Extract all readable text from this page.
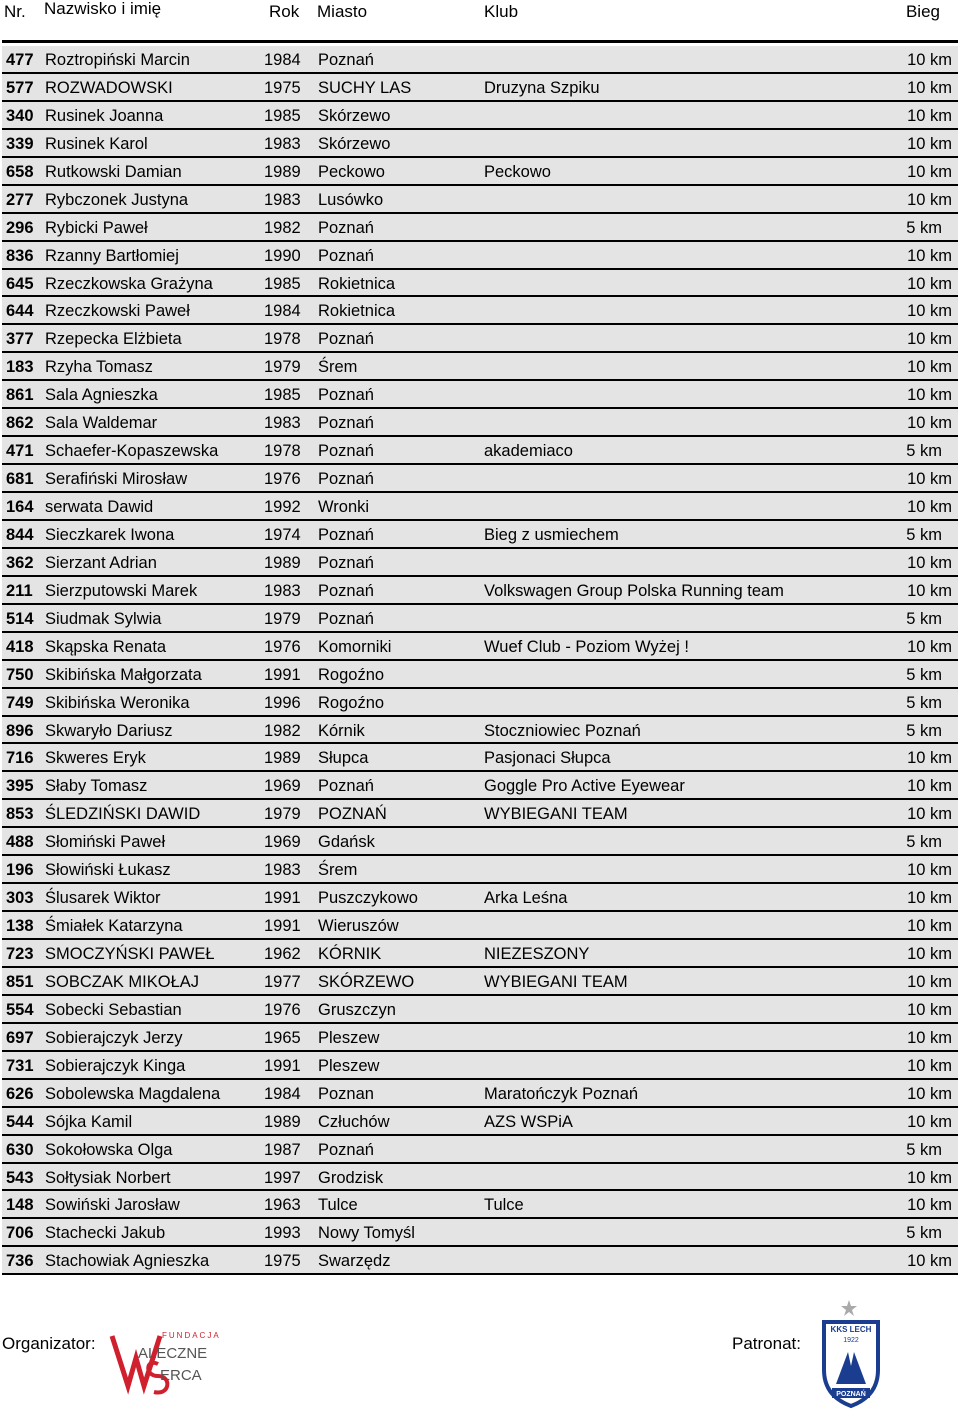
Nr. Nazwisko i imię	Rok Miasto	Klub	Bieg
477 Roztropiński Marcin	1984 Poznań	10 km
577 ROZWADOWSKI	1975 SUCHY LAS	Druzyna Szpiku	10 km
340 Rusinek Joanna	1985 Skórzewo	10 km
339 Rusinek Karol	1983 Skórzewo	10 km
658 Rutkowski Damian	1989 Peckowo	Peckowo	10 km
277 Rybczonek Justyna	1983 Lusówko	10 km
296 Rybicki Paweł	1982 Poznań	5 km
836 Rzanny Bartłomiej	1990 Poznań	10 km
645 Rzeczkowska Grażyna	1985 Rokietnica	10 km
644 Rzeczkowski Paweł	1984 Rokietnica	10 km
377 Rzepecka Elżbieta	1978 Poznań	10 km
183 Rzyha Tomasz	1979 Śrem	10 km
861 Sala Agnieszka	1985 Poznań	10 km
862 Sala Waldemar	1983 Poznań	10 km
471 Schaefer-Kopaszewska	1978 Poznań	akademiaco	5 km
681 Serafiński Mirosław	1976 Poznań	10 km
164 serwata Dawid	1992 Wronki	10 km
844 Sieczkarek Iwona	1974 Poznań	Bieg z usmiechem	5 km
362 Sierzant Adrian	1989 Poznań	10 km
211 Sierzputowski Marek	1983 Poznań	Volkswagen Group Polska Running team	10 km
514 Siudmak Sylwia	1979 Poznań	5 km
418 Skąpska Renata	1976 Komorniki	Wuef Club - Poziom Wyżej !	10 km
750 Skibińska Małgorzata	1991 Rogoźno	5 km
749 Skibińska Weronika	1996 Rogoźno	5 km
896 Skwaryło Dariusz	1982 Kórnik	Stoczniowiec Poznań	5 km
716 Skweres Eryk	1989 Słupca	Pasjonaci Słupca	10 km
395 Słaby Tomasz	1969 Poznań	Goggle Pro Active Eyewear	10 km
853 ŚLEDZIŃSKI DAWID	1979 POZNAŃ	WYBIEGANI TEAM	10 km
488 Słomiński Paweł	1969 Gdańsk	5 km
196 Słowiński Łukasz	1983 Śrem	10 km
303 Ślusarek Wiktor	1991 Puszczykowo	Arka Leśna	10 km
138 Śmiałek Katarzyna	1991 Wieruszów	10 km
723 SMOCZYŃSKI PAWEŁ	1962 KÓRNIK	NIEZESZONY	10 km
851 SOBCZAK MIKOŁAJ	1977 SKÓRZEWO	WYBIEGANI TEAM	10 km
554 Sobecki Sebastian	1976 Gruszczyn	10 km
697 Sobierajczyk Jerzy	1965 Pleszew	10 km
731 Sobierajczyk Kinga	1991 Pleszew	10 km
626 Sobolewska Magdalena	1984 Poznan	Maratończyk Poznań	10 km
544 Sójka Kamil	1989 Człuchów	AZS WSPiA	10 km
630 Sokołowska Olga	1987 Poznań	5 km
543 Sołtysiak Norbert	1997 Grodzisk	10 km
148 Sowiński Jarosław	1963 Tulce	Tulce	10 km
706 Stachecki Jakub	1993 Nowy Tomyśl	5 km
736 Stachowiak Agnieszka	1975 Swarzędz	10 km
Organizator:	FUNDACJA
ALECZNE
ERCA
Patronat:
KKS LECH
1922
POZNAŃ
